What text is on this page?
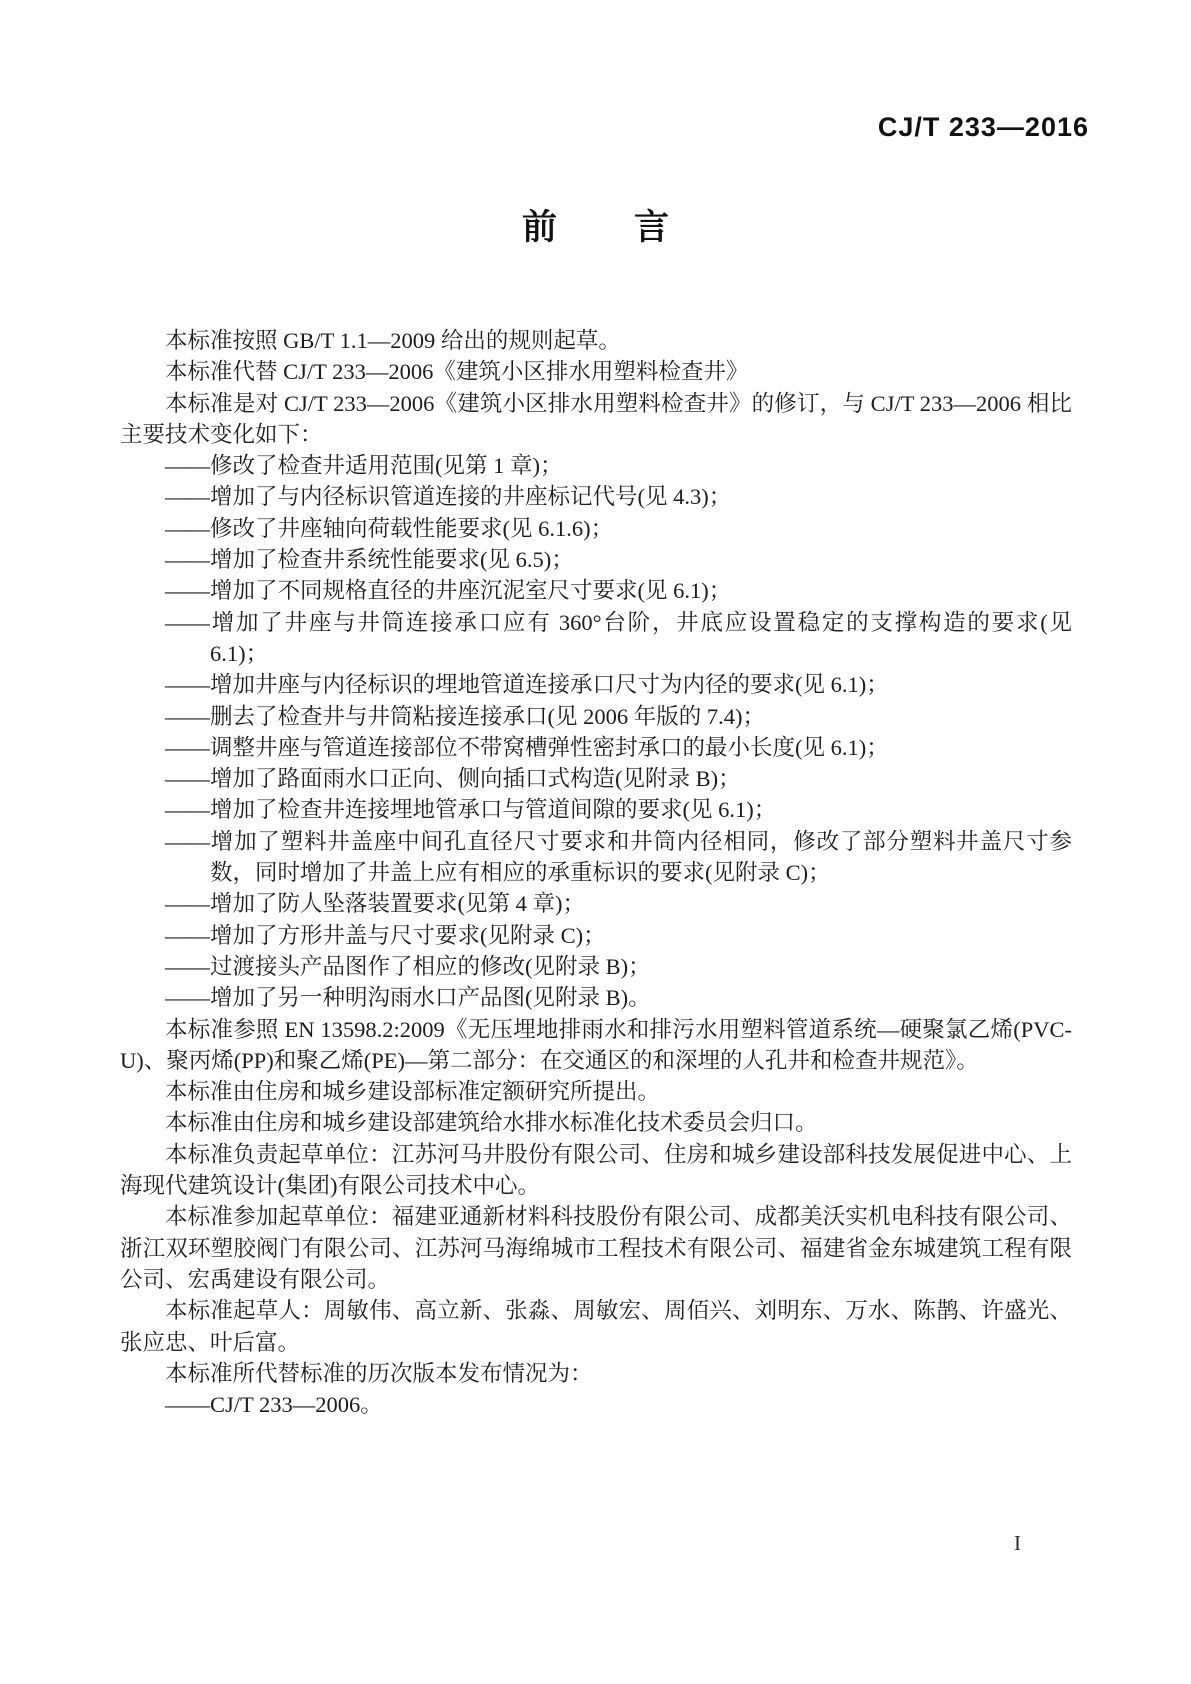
CJ/T 233—2016
前言

本标准按照 GB/T 1.1—2009 给出的规则起草。

本标准代替 CJ/T 233—2006《建筑小区排水用塑料检查井》

本标准是对 CJ/T 233—2006《建筑小区排水用塑料检查井》的修订，与 CJ/T 233—2006 相比主要技术变化如下：

——修改了检查井适用范围(见第 1 章)；
——增加了与内径标识管道连接的井座标记代号(见 4.3)；
——修改了井座轴向荷载性能要求(见 6.1.6)；
——增加了检查井系统性能要求(见 6.5)；
——增加了不同规格直径的井座沉泥室尺寸要求(见 6.1)；
——增加了井座与井筒连接承口应有 360°台阶，井底应设置稳定的支撑构造的要求(见 6.1)；
——增加井座与内径标识的埋地管道连接承口尺寸为内径的要求(见 6.1)；
——删去了检查井与井筒粘接连接承口(见 2006 年版的 7.4)；
——调整井座与管道连接部位不带窝槽弹性密封承口的最小长度(见 6.1)；
——增加了路面雨水口正向、侧向插口式构造(见附录 B)；
——增加了检查井连接埋地管承口与管道间隙的要求(见 6.1)；
——增加了塑料井盖座中间孔直径尺寸要求和井筒内径相同，修改了部分塑料井盖尺寸参数，同时增加了井盖上应有相应的承重标识的要求(见附录 C)；
——增加了防人坠落装置要求(见第 4 章)；
——增加了方形井盖与尺寸要求(见附录 C)；
——过渡接头产品图作了相应的修改(见附录 B)；
——增加了另一种明沟雨水口产品图(见附录 B)。

本标准参照 EN 13598.2:2009《无压埋地排雨水和排污水用塑料管道系统—硬聚氯乙烯(PVC-U)、聚丙烯(PP)和聚乙烯(PE)—第二部分：在交通区的和深埋的人孔井和检查井规范》。

本标准由住房和城乡建设部标准定额研究所提出。

本标准由住房和城乡建设部建筑给水排水标准化技术委员会归口。

本标准负责起草单位：江苏河马井股份有限公司、住房和城乡建设部科技发展促进中心、上海现代建筑设计(集团)有限公司技术中心。

本标准参加起草单位：福建亚通新材料科技股份有限公司、成都美沃实机电科技有限公司、浙江双环塑胶阀门有限公司、江苏河马海绵城市工程技术有限公司、福建省金东城建筑工程有限公司、宏禹建设有限公司。

本标准起草人：周敏伟、高立新、张淼、周敏宏、周佰兴、刘明东、万水、陈鹊、许盛光、张应忠、叶后富。

本标准所代替标准的历次版本发布情况为：

——CJ/T 233—2006。
I
